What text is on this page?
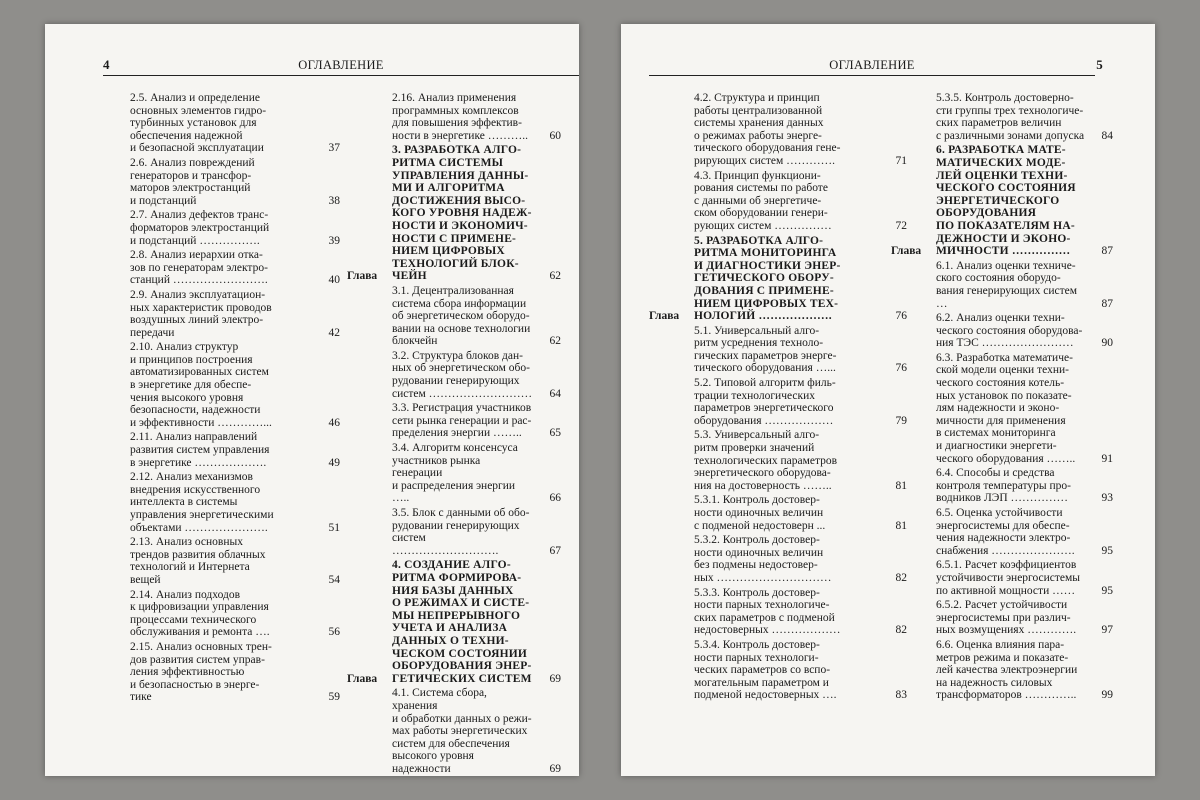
4	ОГЛАВЛЕНИЕ
2.5. Анализ и определение
основных элементов гидро-
турбинных установок для
обеспечения надежной
и безопасной эксплуатации	37
2.6. Анализ повреждений
генераторов и трансфор-
маторов электростанций
и подстанций	38
2.7. Анализ дефектов транс-
форматоров электростанций
и подстанций …………….	39
2.8. Анализ иерархии отка-
зов по генераторам электро-
станций …………………….	40
2.9. Анализ эксплуатацион-
ных характеристик проводов
воздушных линий электро-
передачи	42
2.10. Анализ структур
и принципов построения
автоматизированных систем
в энергетике для обеспе-
чения высокого уровня
безопасности, надежности
и эффективности …………...	46
2.11. Анализ направлений
развития систем управления
в энергетике ……………….	49
2.12. Анализ механизмов
внедрения искусственного
интеллекта в системы
управления энергетическими
объектами ………………….	51
2.13. Анализ основных
трендов развития облачных
технологий и Интернета
вещей	54
2.14. Анализ подходов
к цифровизации управления
процессами технического
обслуживания и ремонта ….	56
2.15. Анализ основных трен-
дов развития систем управ-
ления эффективностью
и безопасностью в энерге-
тике	59
2.16. Анализ применения
программных комплексов
для повышения эффектив-
ности в энергетике ………..	60
Глава
3. РАЗРАБОТКА АЛГО-
РИТМА СИСТЕМЫ
УПРАВЛЕНИЯ ДАННЫ-
МИ И АЛГОРИТМА
ДОСТИЖЕНИЯ ВЫСО-
КОГО УРОВНЯ НАДЕЖ-
НОСТИ И ЭКОНОМИЧ-
НОСТИ С ПРИМЕНЕ-
НИЕМ ЦИФРОВЫХ
ТЕХНОЛОГИЙ БЛОК-
ЧЕЙН	62
3.1. Децентрализованная
система сбора информации
об энергетическом оборудо-
вании на основе технологии
блокчейн	62
3.2. Структура блоков дан-
ных об энергетическом обо-
рудовании генерирующих
систем ………………………	64
3.3. Регистрация участников
сети рынка генерации и рас-
пределения энергии ……..	65
3.4. Алгоритм консенсуса
участников рынка генерации
и распределения энергии …..	66
3.5. Блок с данными об обо-
рудовании генерирующих
систем ……………………….	67
Глава
4. СОЗДАНИЕ АЛГО-
РИТМА ФОРМИРОВА-
НИЯ БАЗЫ ДАННЫХ
О РЕЖИМАХ И СИСТЕ-
МЫ НЕПРЕРЫВНОГО
УЧЕТА И АНАЛИЗА
ДАННЫХ О ТЕХНИ-
ЧЕСКОМ СОСТОЯНИИ
ОБОРУДОВАНИЯ ЭНЕР-
ГЕТИЧЕСКИХ СИСТЕМ	69
4.1. Система сбора, хранения
и обработки данных о режи-
мах работы энергетических
систем для обеспечения
высокого уровня надежности	69
ОГЛАВЛЕНИЕ	5
4.2. Структура и принцип
работы централизованной
системы хранения данных
о режимах работы энерге-
тического оборудования гене-
рирующих систем ………….	71
4.3. Принцип функциони-
рования системы по работе
с данными об энергетиче-
ском оборудовании генери-
рующих систем ……………	72
Глава
5. РАЗРАБОТКА АЛГО-
РИТМА МОНИТОРИНГА
И ДИАГНОСТИКИ ЭНЕР-
ГЕТИЧЕСКОГО ОБОРУ-
ДОВАНИЯ С ПРИМЕНЕ-
НИЕМ ЦИФРОВЫХ ТЕХ-
НОЛОГИЙ ……………….	76
5.1. Универсальный алго-
ритм усреднения техноло-
гических параметров энерге-
тического оборудования …...	76
5.2. Типовой алгоритм филь-
трации технологических
параметров энергетического
оборудования ………………	79
5.3. Универсальный алго-
ритм проверки значений
технологических параметров
энергетического оборудова-
ния на достоверность ……..	81
5.3.1. Контроль достовер-
ности одиночных величин
с подменой недостоверн ...	81
5.3.2. Контроль достовер-
ности одиночных величин
без подмены недостовер-
ных …………………………	82
5.3.3. Контроль достовер-
ности парных технологиче-
ских параметров с подменой
недостоверных ………………	82
5.3.4. Контроль достовер-
ности парных технологи-
ческих параметров со вспо-
могательным параметром и
подменой недостоверных ….	83
5.3.5. Контроль достоверно-
сти группы трех технологиче-
ских параметров величин
с различными зонами допуска	84
Глава
6. РАЗРАБОТКА МАТЕ-
МАТИЧЕСКИХ МОДЕ-
ЛЕЙ ОЦЕНКИ ТЕХНИ-
ЧЕСКОГО СОСТОЯНИЯ
ЭНЕРГЕТИЧЕСКОГО
ОБОРУДОВАНИЯ
ПО ПОКАЗАТЕЛЯМ НА-
ДЕЖНОСТИ И ЭКОНО-
МИЧНОСТИ ……………	87
6.1. Анализ оценки техниче-
ского состояния оборудо-
вания генерирующих систем …	87
6.2. Анализ оценки техни-
ческого состояния оборудова-
ния ТЭС ……………………	90
6.3. Разработка математиче-
ской модели оценки техни-
ческого состояния котель-
ных установок по показате-
лям надежности и эконо-
мичности для применения
в системах мониторинга
и диагностики энергети-
ческого оборудования ……..	91
6.4. Способы и средства
контроля температуры про-
водников ЛЭП ……………	93
6.5. Оценка устойчивости
энергосистемы для обеспе-
чения надежности электро-
снабжения ………………….	95
6.5.1. Расчет коэффициентов
устойчивости энергосистемы
по активной мощности ……	95
6.5.2. Расчет устойчивости
энергосистемы при различ-
ных возмущениях ………….	97
6.6. Оценка влияния пара-
метров режима и показате-
лей качества электроэнергии
на надежность силовых
трансформаторов …………..	99
